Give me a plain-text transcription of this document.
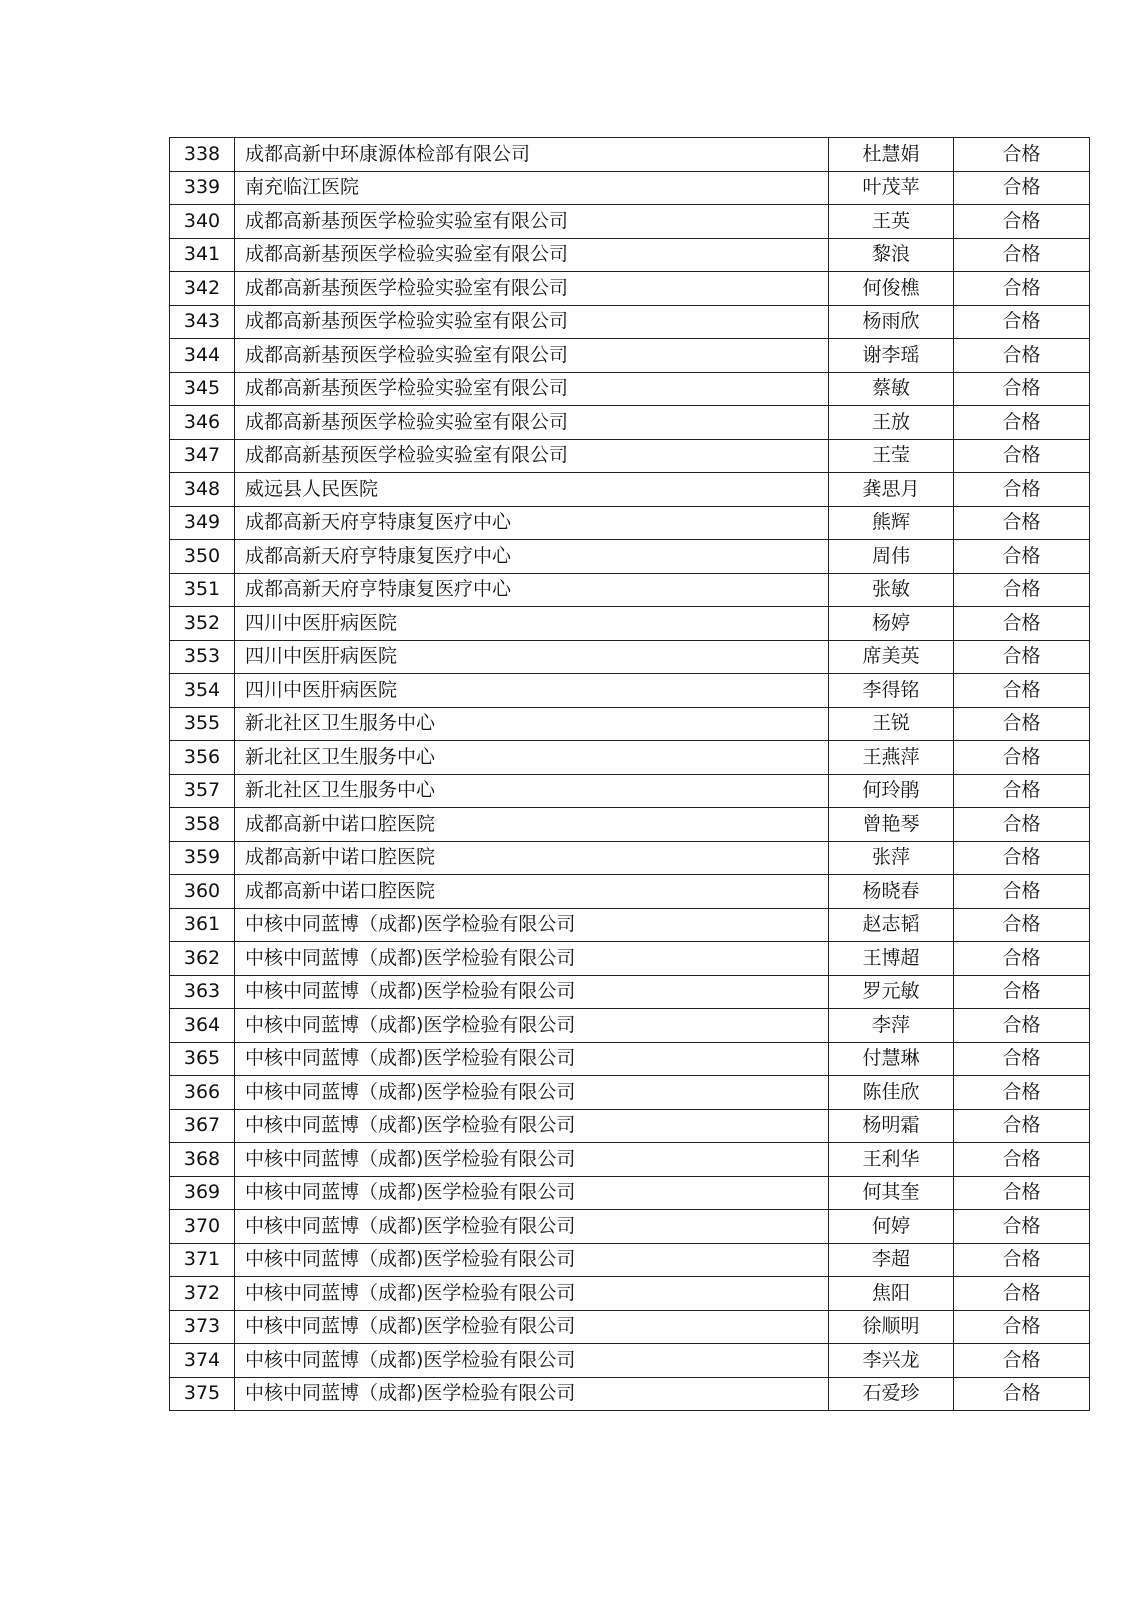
338	成都高新中环康源体检部有限公司	杜慧娟	合格
339	南充临江医院	叶茂苹	合格
340	成都高新基预医学检验实验室有限公司	王英	合格
341	成都高新基预医学检验实验室有限公司	黎浪	合格
342	成都高新基预医学检验实验室有限公司	何俊樵	合格
343	成都高新基预医学检验实验室有限公司	杨雨欣	合格
344	成都高新基预医学检验实验室有限公司	谢李瑶	合格
345	成都高新基预医学检验实验室有限公司	蔡敏	合格
346	成都高新基预医学检验实验室有限公司	王放	合格
347	成都高新基预医学检验实验室有限公司	王莹	合格
348	威远县人民医院	龚思月	合格
349	成都高新天府亨特康复医疗中心	熊辉	合格
350	成都高新天府亨特康复医疗中心	周伟	合格
351	成都高新天府亨特康复医疗中心	张敏	合格
352	四川中医肝病医院	杨婷	合格
353	四川中医肝病医院	席美英	合格
354	四川中医肝病医院	李得铭	合格
355	新北社区卫生服务中心	王锐	合格
356	新北社区卫生服务中心	王燕萍	合格
357	新北社区卫生服务中心	何玲鹃	合格
358	成都高新中诺口腔医院	曾艳琴	合格
359	成都高新中诺口腔医院	张萍	合格
360	成都高新中诺口腔医院	杨晓春	合格
361	中核中同蓝博（成都)医学检验有限公司	赵志韬	合格
362	中核中同蓝博（成都)医学检验有限公司	王博超	合格
363	中核中同蓝博（成都)医学检验有限公司	罗元敏	合格
364	中核中同蓝博（成都)医学检验有限公司	李萍	合格
365	中核中同蓝博（成都)医学检验有限公司	付慧琳	合格
366	中核中同蓝博（成都)医学检验有限公司	陈佳欣	合格
367	中核中同蓝博（成都)医学检验有限公司	杨明霜	合格
368	中核中同蓝博（成都)医学检验有限公司	王利华	合格
369	中核中同蓝博（成都)医学检验有限公司	何其奎	合格
370	中核中同蓝博（成都)医学检验有限公司	何婷	合格
371	中核中同蓝博（成都)医学检验有限公司	李超	合格
372	中核中同蓝博（成都)医学检验有限公司	焦阳	合格
373	中核中同蓝博（成都)医学检验有限公司	徐顺明	合格
374	中核中同蓝博（成都)医学检验有限公司	李兴龙	合格
375	中核中同蓝博（成都)医学检验有限公司	石爱珍	合格
